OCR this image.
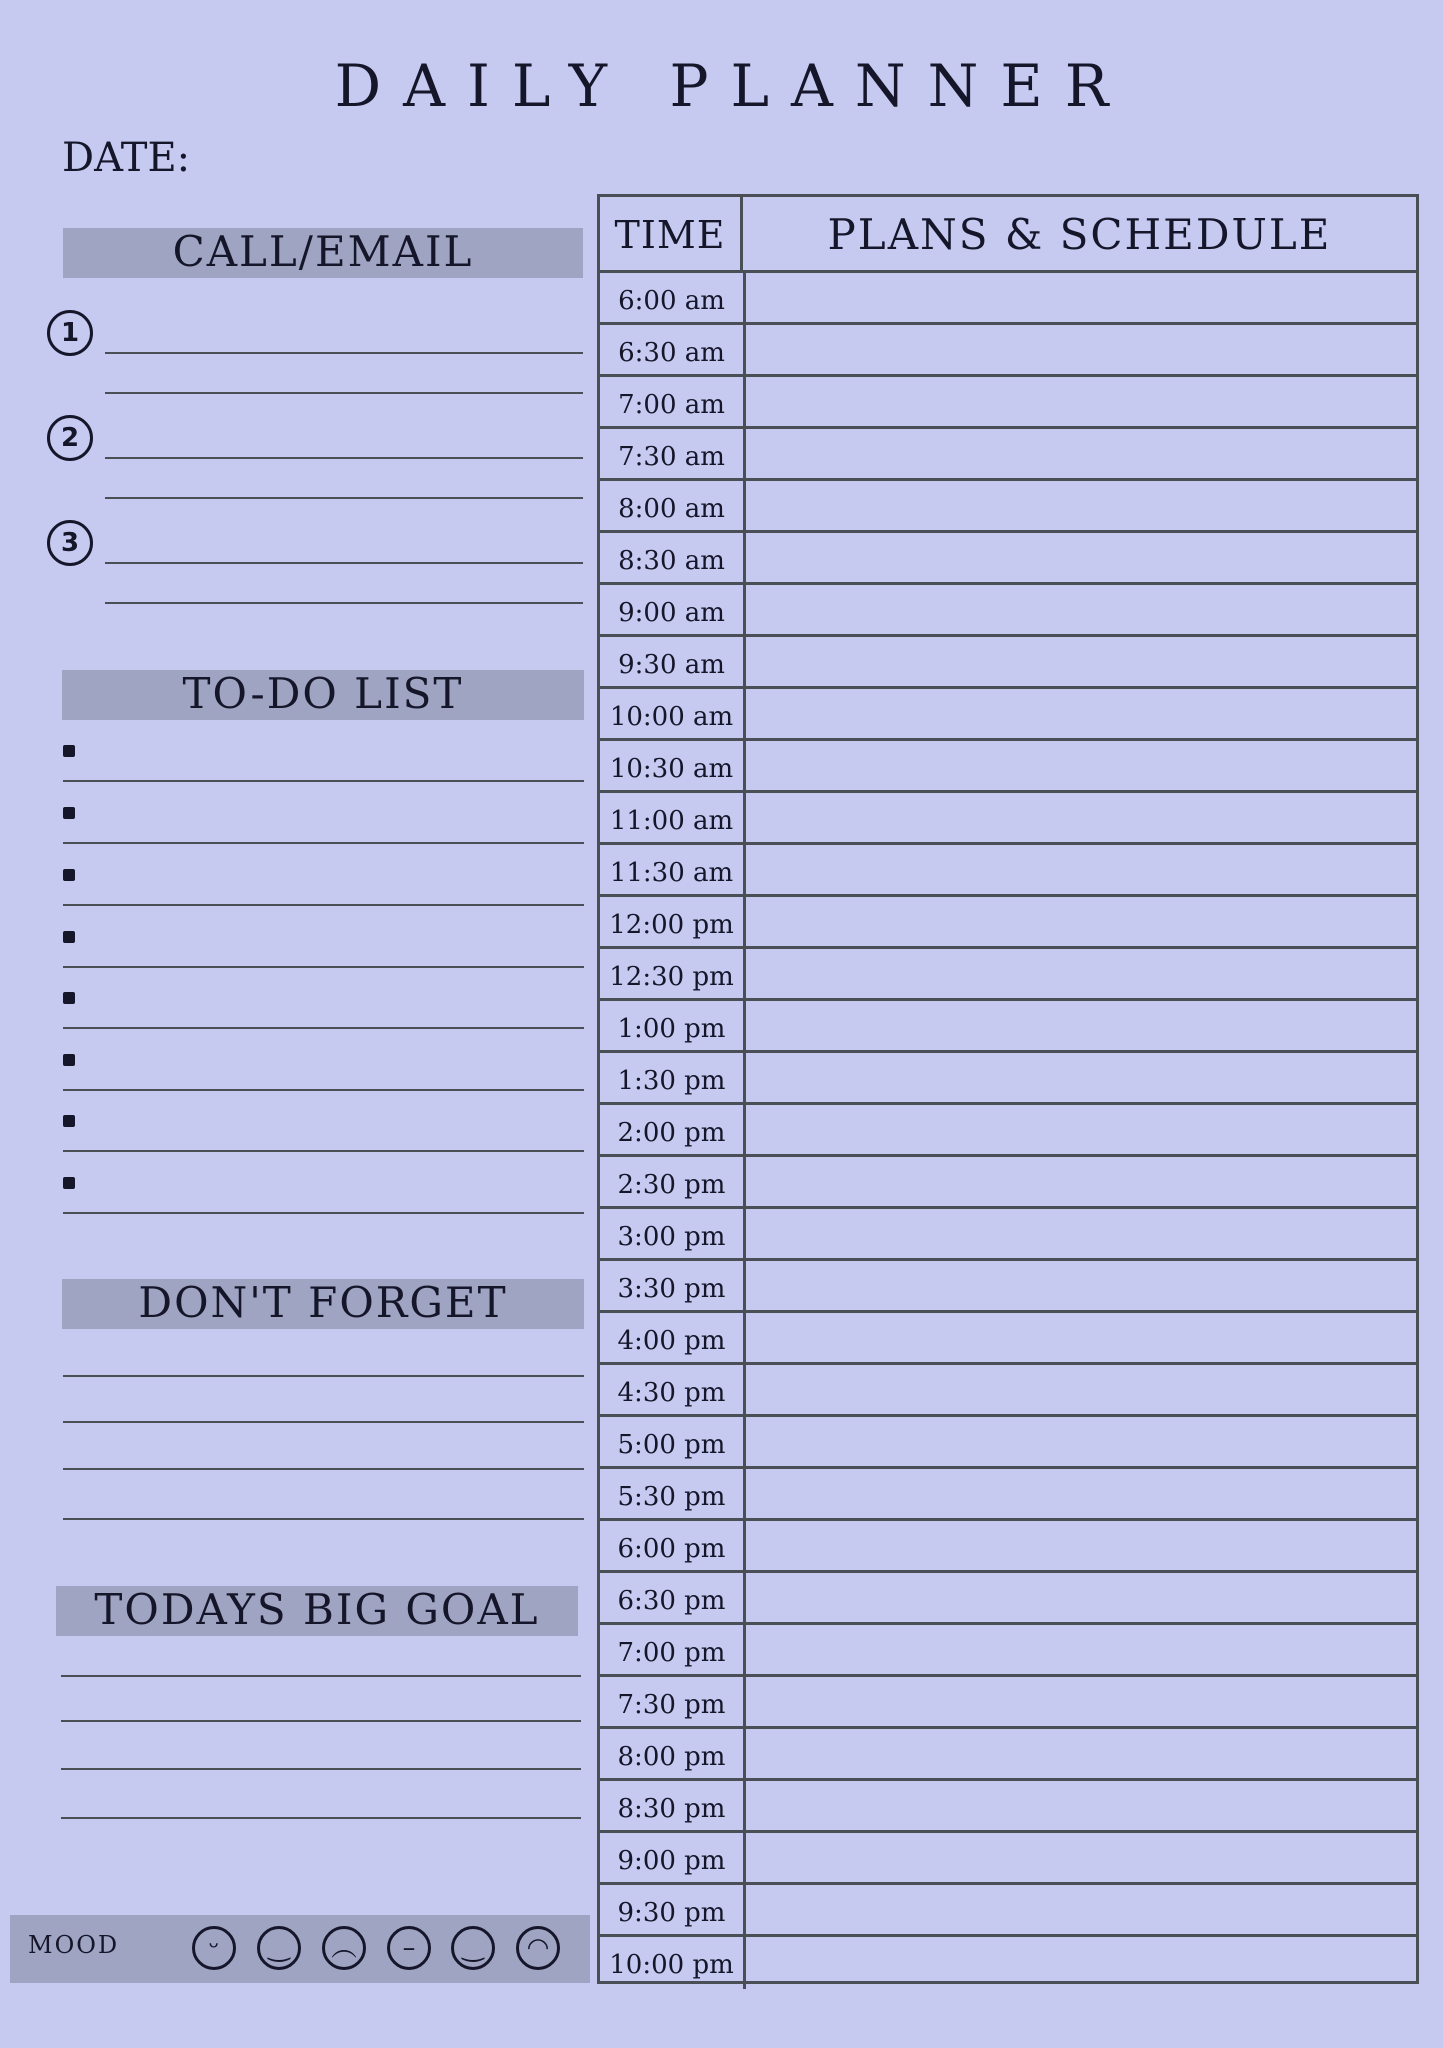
DAILY PLANNER
DATE:
CALL/EMAIL
1
2
3
TO-DO LIST
DON'T FORGET
TODAYS BIG GOAL
MOOD	ᵕ	‿	︵	–	‿	◠
TIME	PLANS & SCHEDULE
6:00 am
6:30 am
7:00 am
7:30 am
8:00 am
8:30 am
9:00 am
9:30 am
10:00 am
10:30 am
11:00 am
11:30 am
12:00 pm
12:30 pm
1:00 pm
1:30 pm
2:00 pm
2:30 pm
3:00 pm
3:30 pm
4:00 pm
4:30 pm
5:00 pm
5:30 pm
6:00 pm
6:30 pm
7:00 pm
7:30 pm
8:00 pm
8:30 pm
9:00 pm
9:30 pm
10:00 pm
